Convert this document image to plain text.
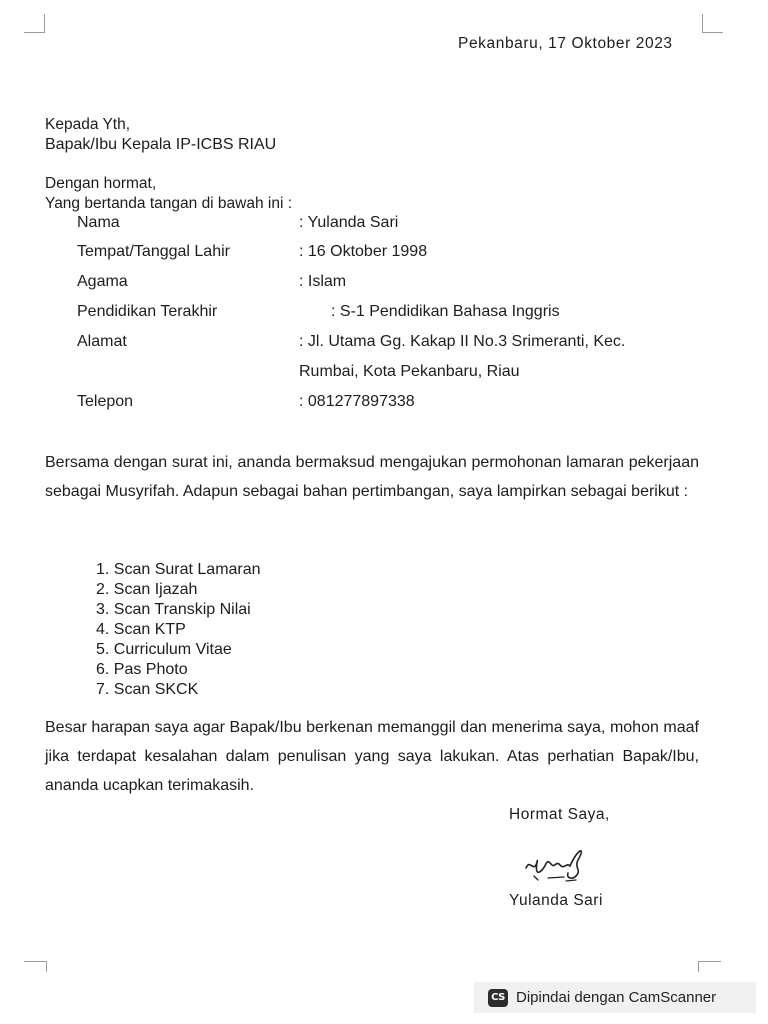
Pekanbaru, 17 Oktober 2023
Kepada Yth,
Bapak/Ibu Kepala IP-ICBS RIAU
Dengan hormat,
Yang bertanda tangan di bawah ini :
Nama	: Yulanda Sari
Tempat/Tanggal Lahir	: 16 Oktober 1998
Agama	: Islam
Pendidikan Terakhir	: S-1 Pendidikan Bahasa Inggris
Alamat	: Jl. Utama Gg. Kakap II No.3 Srimeranti, Kec.
Rumbai, Kota Pekanbaru, Riau
Telepon	: 081277897338

Bersama dengan surat ini, ananda bermaksud mengajukan permohonan lamaran pekerjaan sebagai Musyrifah. Adapun sebagai bahan pertimbangan, saya lampirkan sebagai berikut :

1. Scan Surat Lamaran
2. Scan Ijazah
3. Scan Transkip Nilai
4. Scan KTP
5. Curriculum Vitae
6. Pas Photo
7. Scan SKCK

Besar harapan saya agar Bapak/Ibu berkenan memanggil dan menerima saya, mohon maaf jika terdapat kesalahan dalam penulisan yang saya lakukan. Atas perhatian Bapak/Ibu, ananda ucapkan terimakasih.

Hormat Saya,
Yulanda Sari
CS Dipindai dengan CamScanner
